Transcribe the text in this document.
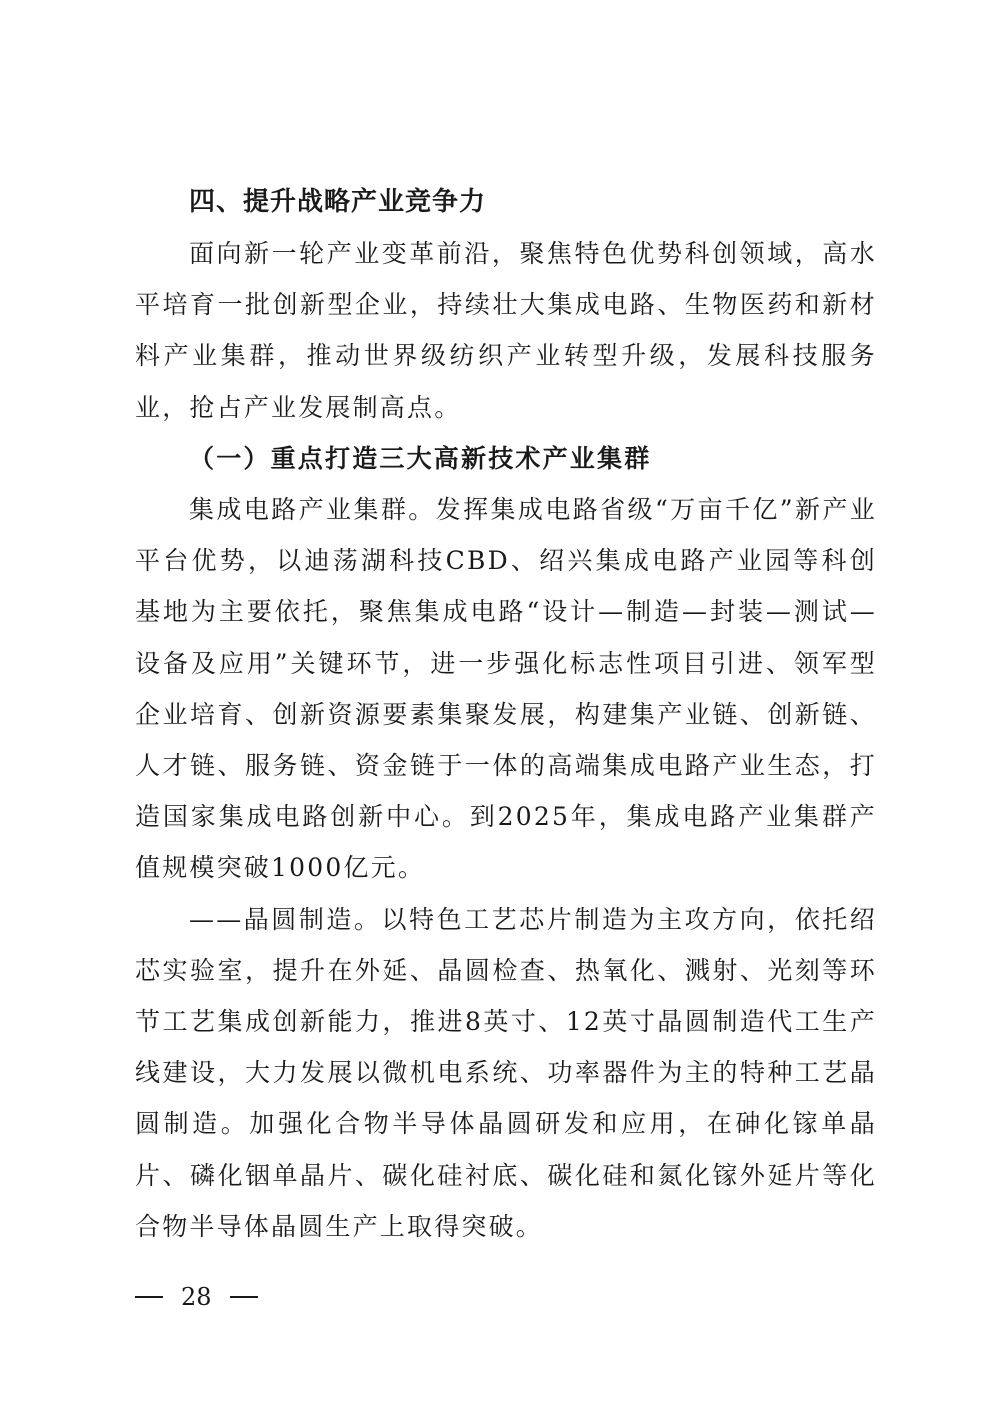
四、提升战略产业竞争力

面向新一轮产业变革前沿，聚焦特色优势科创领域，高水平培育一批创新型企业，持续壮大集成电路、生物医药和新材料产业集群，推动世界级纺织产业转型升级，发展科技服务业，抢占产业发展制高点。

（一）重点打造三大高新技术产业集群

集成电路产业集群。发挥集成电路省级“万亩千亿”新产业平台优势，以迪荡湖科技CBD、绍兴集成电路产业园等科创基地为主要依托，聚焦集成电路“设计—制造—封装—测试—设备及应用”关键环节，进一步强化标志性项目引进、领军型企业培育、创新资源要素集聚发展，构建集产业链、创新链、人才链、服务链、资金链于一体的高端集成电路产业生态，打造国家集成电路创新中心。到2025年，集成电路产业集群产值规模突破1000亿元。

——晶圆制造。以特色工艺芯片制造为主攻方向，依托绍芯实验室，提升在外延、晶圆检查、热氧化、溅射、光刻等环节工艺集成创新能力，推进8英寸、12英寸晶圆制造代工生产线建设，大力发展以微机电系统、功率器件为主的特种工艺晶圆制造。加强化合物半导体晶圆研发和应用，在砷化镓单晶片、磷化铟单晶片、碳化硅衬底、碳化硅和氮化镓外延片等化合物半导体晶圆生产上取得突破。

28
